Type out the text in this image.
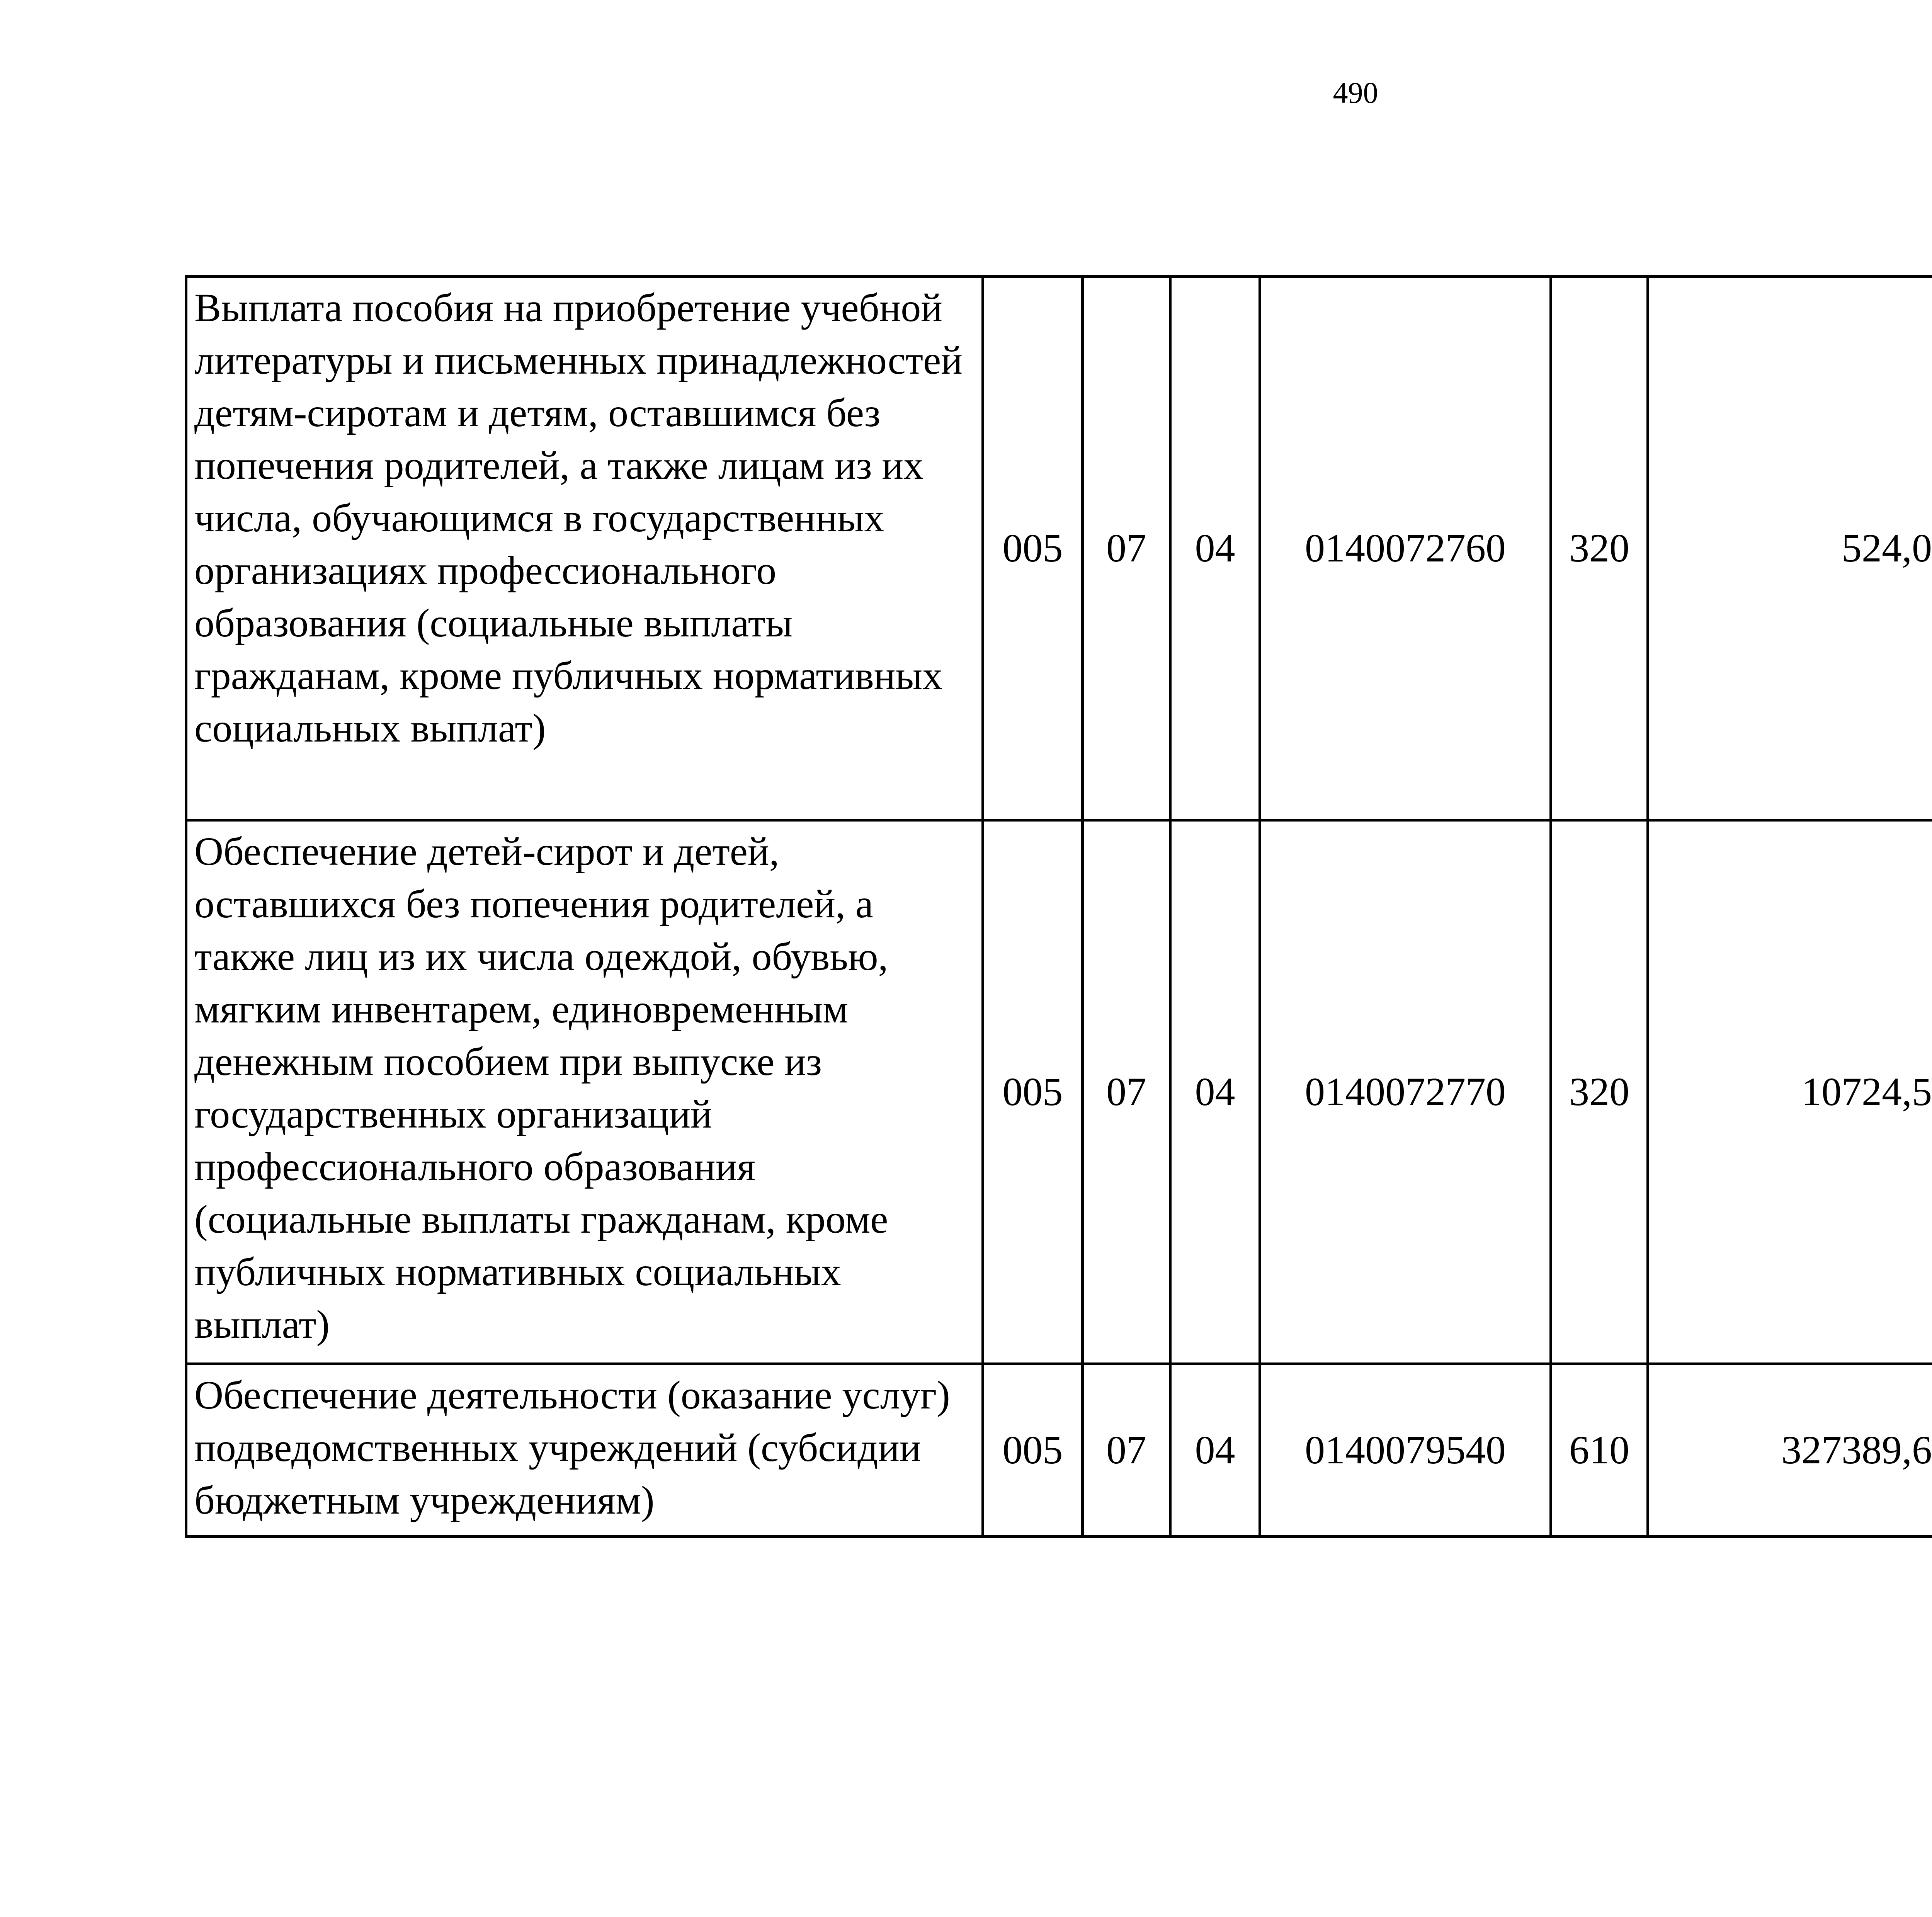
490
Выплата пособия на приобретение учебной литературы и письменных принадлежностей детям-сиротам и детям, оставшимся без попечения родителей, а также лицам из их числа, обучающимся в государственных организациях профессионального образования (социальные выплаты гражданам, кроме публичных нормативных социальных выплат)	005	07	04	0140072760	320	524,0		
Обеспечение детей-сирот и детей, оставшихся без попечения родителей, а также лиц из их числа одеждой, обувью, мягким инвентарем, единовременным денежным пособием при выпуске из государственных организаций профессионального образования (социальные выплаты гражданам, кроме публичных нормативных социальных выплат)	005	07	04	0140072770	320	10724,5		
Обеспечение деятельности (оказание услуг) подведомственных учреждений (субсидии бюджетным учреждениям)	005	07	04	0140079540	610	327389,6		
